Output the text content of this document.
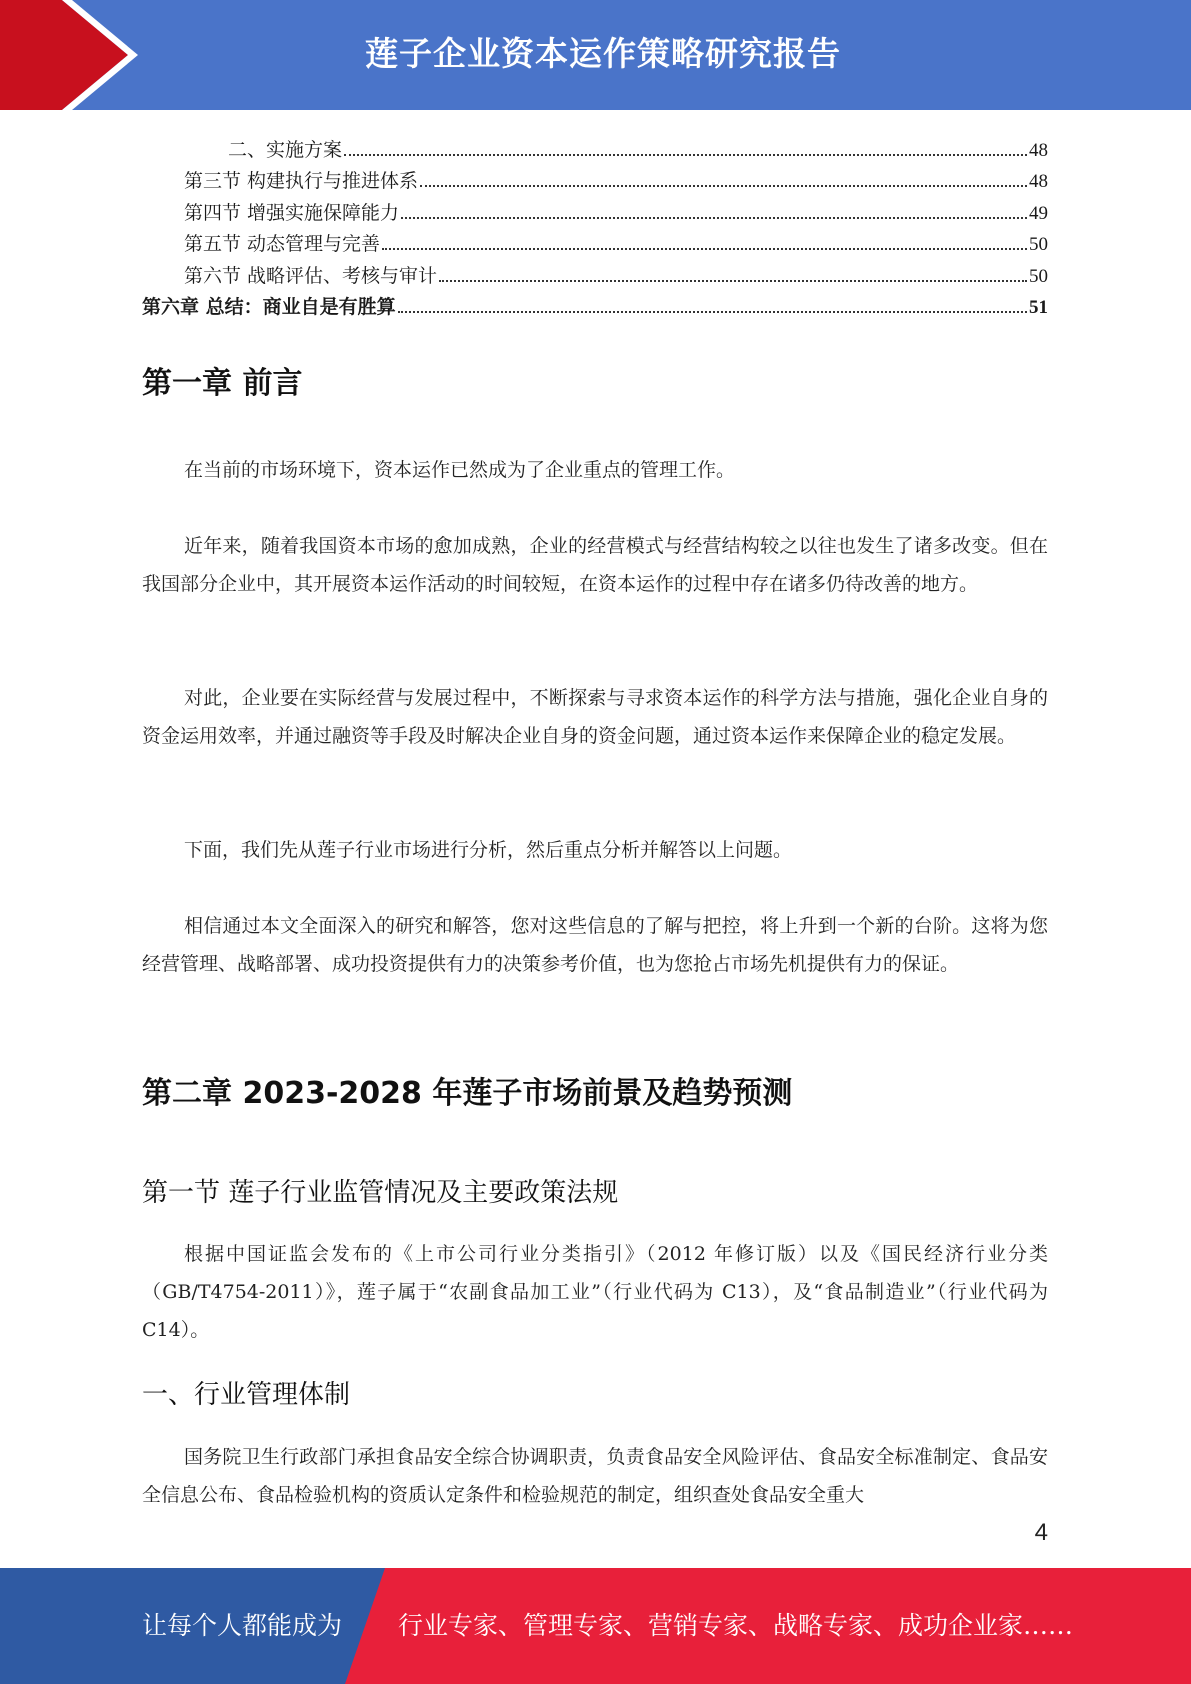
莲子企业资本运作策略研究报告
二、实施方案	48
第三节 构建执行与推进体系	48
第四节 增强实施保障能力	49
第五节 动态管理与完善	50
第六节 战略评估、考核与审计	50
第六章 总结：商业自是有胜算	51
第一章 前言

在当前的市场环境下，资本运作已然成为了企业重点的管理工作。

近年来，随着我国资本市场的愈加成熟，企业的经营模式与经营结构较之以往也发生了诸多改变。但在我国部分企业中，其开展资本运作活动的时间较短，在资本运作的过程中存在诸多仍待改善的地方。

对此，企业要在实际经营与发展过程中，不断探索与寻求资本运作的科学方法与措施，强化企业自身的资金运用效率，并通过融资等手段及时解决企业自身的资金问题，通过资本运作来保障企业的稳定发展。

下面，我们先从莲子行业市场进行分析，然后重点分析并解答以上问题。

相信通过本文全面深入的研究和解答，您对这些信息的了解与把控，将上升到一个新的台阶。这将为您经营管理、战略部署、成功投资提供有力的决策参考价值，也为您抢占市场先机提供有力的保证。

第二章 2023-2028 年莲子市场前景及趋势预测
第一节 莲子行业监管情况及主要政策法规

根据中国证监会发布的《上市公司行业分类指引》（2012 年修订版）以及《国民经济行业分类（GB/T4754-2011）》，莲子属于“农副食品加工业”（行业代码为 C13），及“食品制造业”（行业代码为 C14）。

一、行业管理体制

国务院卫生行政部门承担食品安全综合协调职责，负责食品安全风险评估、食品安全标准制定、食品安全信息公布、食品检验机构的资质认定条件和检验规范的制定，组织查处食品安全重大

4
让每个人都能成为 行业专家、管理专家、营销专家、战略专家、成功企业家……
